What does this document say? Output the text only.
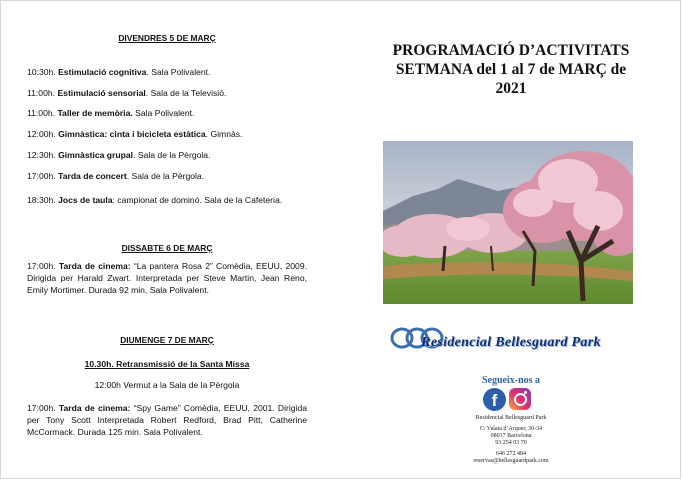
DIVENDRES 5 DE MARÇ
10:30h. Estimulació cognitiva. Sala Polivalent.
11:00h. Estimulació sensorial. Sala de la Televisió.
11:00h. Taller de memòria. Sala Polivalent.
12:00h. Gimnàstica: cinta i bicicleta estàtica. Gimnàs.
12:30h. Gimnàstica grupal. Sala de la Pèrgola.
17:00h. Tarda de concert. Sala de la Pèrgola.
18:30h. Jocs de taula: campionat de dominó. Sala de la Cafeteria.
DISSABTE 6 DE MARÇ
17:00h. Tarda de cinema: “La pantera Rosa 2” Comèdia, EEUU, 2009. Dirigida per Harald Zwart. Interpretada per Steve Martin, Jean Reno, Emily Mortimer. Durada 92 min. Sala Polivalent.
DIUMENGE 7 DE MARÇ
10.30h. Retransmissió de la Santa Missa
12:00h Vermut a la Sala de la Pèrgola
17:00h. Tarda de cinema: “Spy Game” Comèdia, EEUU, 2001. Dirigida per Tony Scott Interpretada Robert Redford, Brad Pitt, Catherine McCormack. Durada 125 min. Sala Polivalent.
PROGRAMACIÓ D’ACTIVITATS
SETMANA del 1 al 7 de MARÇ de
2021
Residencial Bellesguard Park
Segueix-nos a
f
Residencial Bellesguard Park
C/ Valata d’Arquer, 30-34
08017 Barcelona
93 254 03 70
646 272 484
reservas@bellesguardpark.com
